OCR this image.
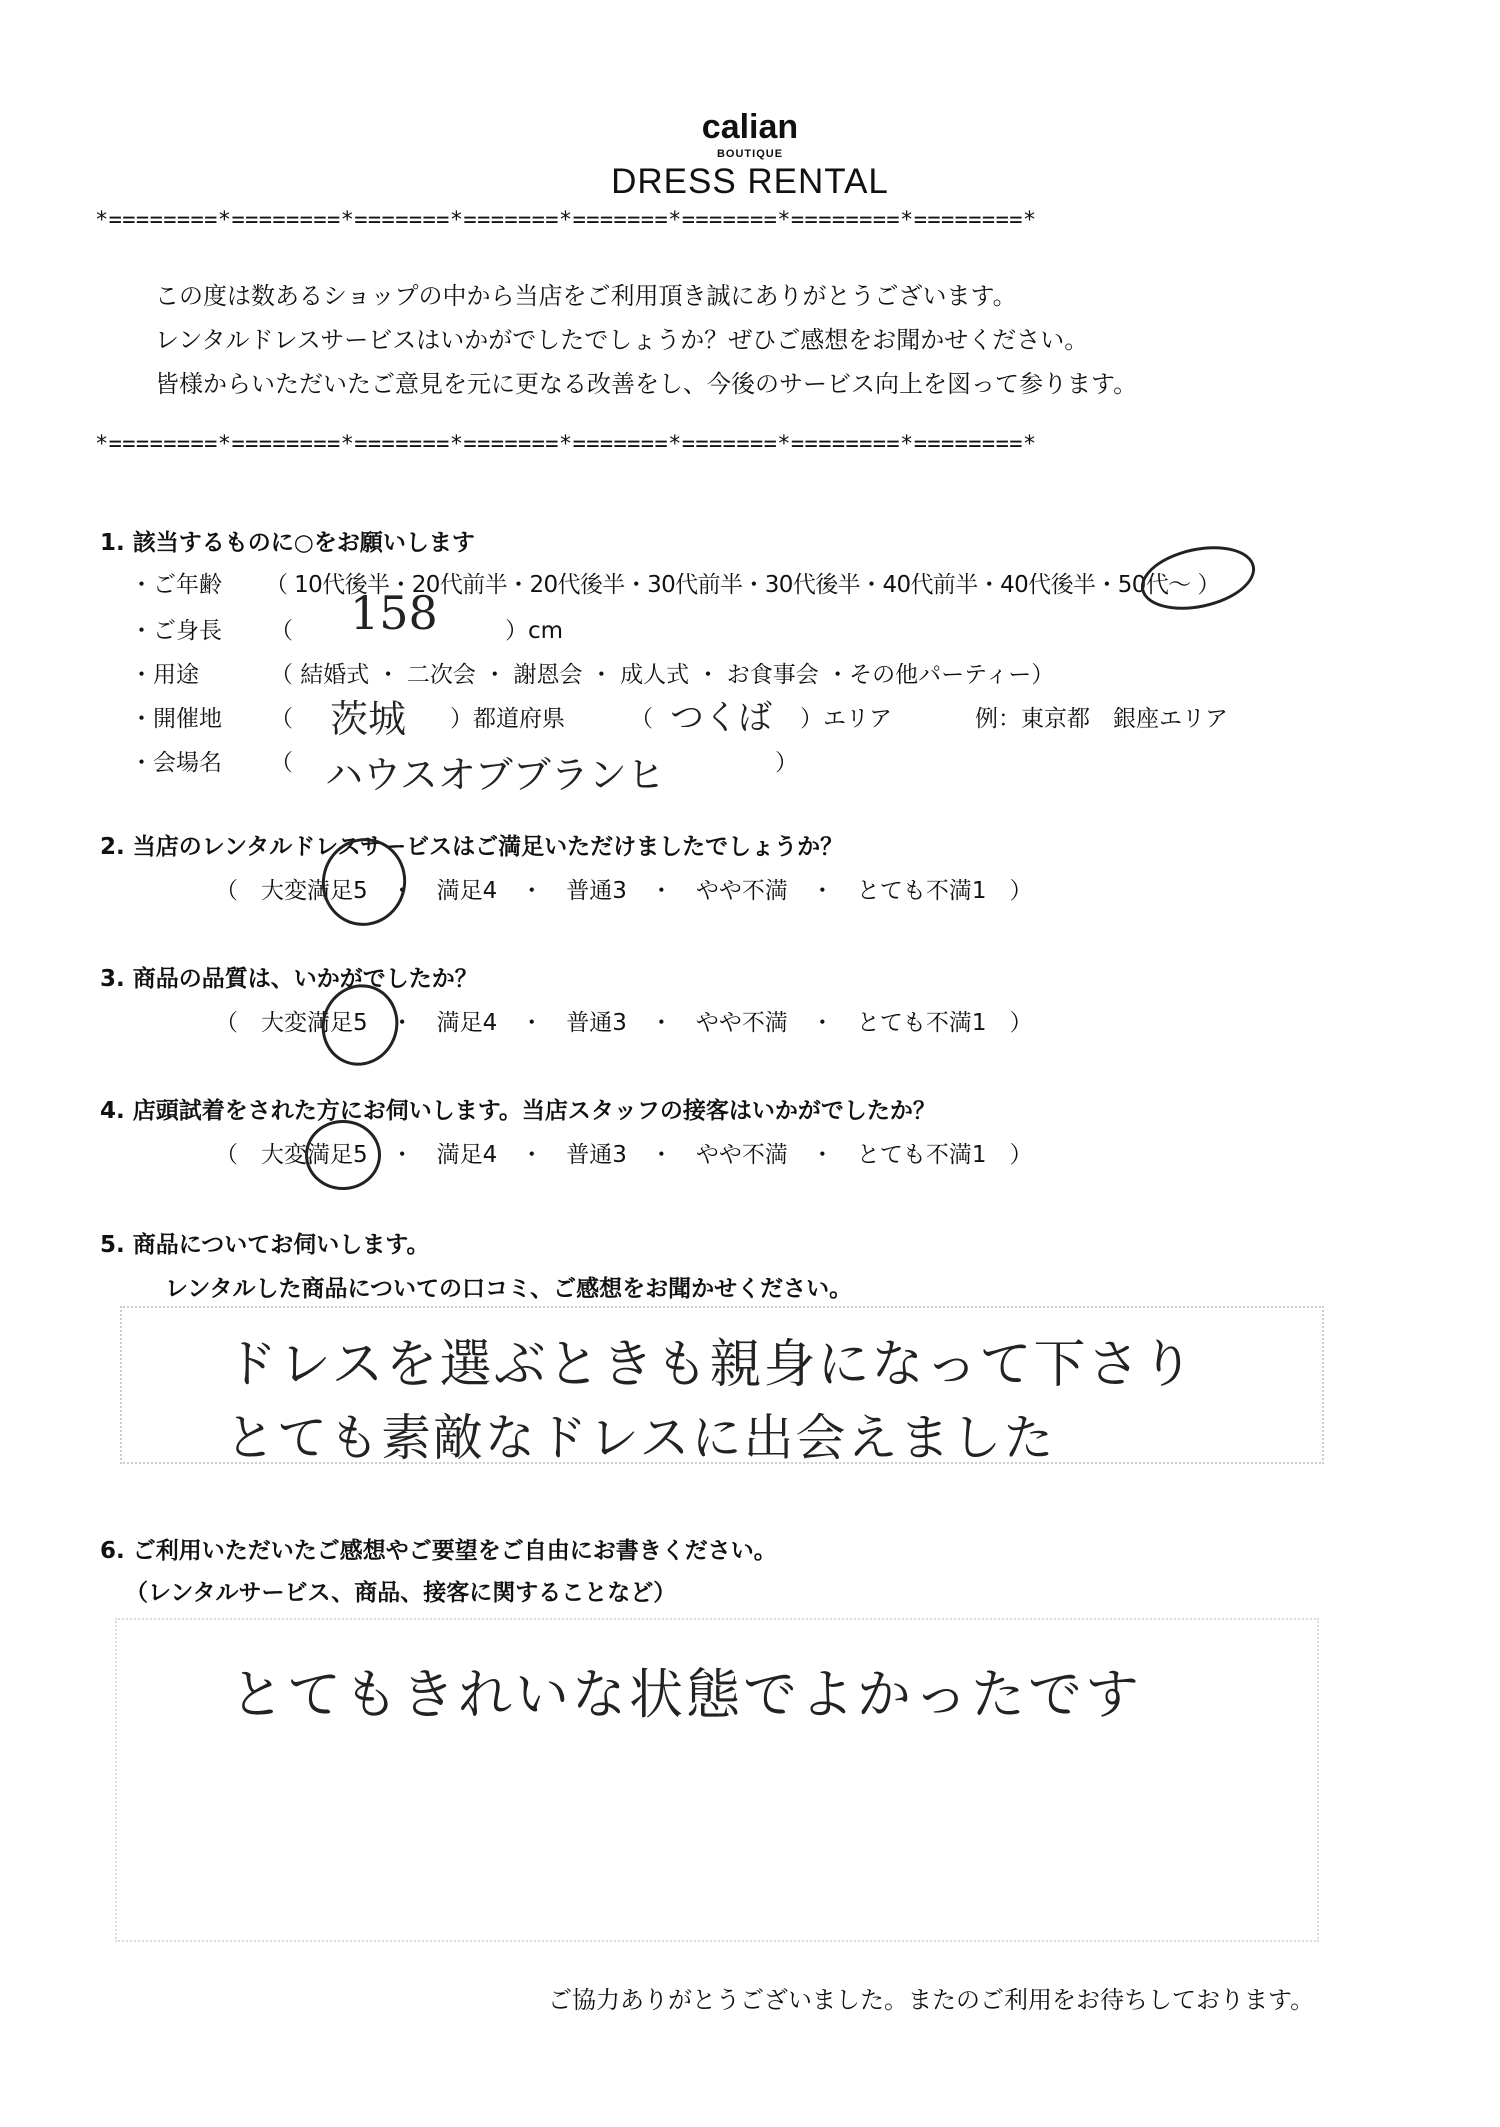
calian
BOUTIQUE
DRESS RENTAL
*========*========*=======*=======*=======*=======*========*========*
この度は数あるショップの中から当店をご利用頂き誠にありがとうございます。
レンタルドレスサービスはいかがでしたでしょうか？ぜひご感想をお聞かせください。
皆様からいただいたご意見を元に更なる改善をし、今後のサービス向上を図って参ります。
*========*========*=======*=======*=======*=======*========*========*
1. 該当するものに○をお願いします
・ご年齢 （ 10代後半・20代前半・20代後半・30代前半・30代後半・40代前半・40代後半・50代～ ）
・ご身長 （ 158	）cm
・用途	（ 結婚式 ・ 二次会 ・ 謝恩会 ・ 成人式 ・ お食事会 ・その他パーティー）
・開催地 （ 茨城 ）都道府県	（ つくば ）エリア	例：東京都　銀座エリア
・会場名 （ ハウスオブブランヒ	）
2. 当店のレンタルドレスサービスはご満足いただけましたでしょうか？
（　大変満足5　・　満足4　・　普通3　・　やや不満　・　とても不満1　）
3. 商品の品質は、いかがでしたか？
（　大変満足5　・　満足4　・　普通3　・　やや不満　・　とても不満1　）
4. 店頭試着をされた方にお伺いします。当店スタッフの接客はいかがでしたか？
（　大変満足5　・　満足4　・　普通3　・　やや不満　・　とても不満1　）
5. 商品についてお伺いします。
レンタルした商品についての口コミ、ご感想をお聞かせください。
ドレスを選ぶときも親身になって下さり
とても素敵なドレスに出会えました
6. ご利用いただいたご感想やご要望をご自由にお書きください。
（レンタルサービス、商品、接客に関することなど）
とてもきれいな状態でよかったです
ご協力ありがとうございました。またのご利用をお待ちしております。
